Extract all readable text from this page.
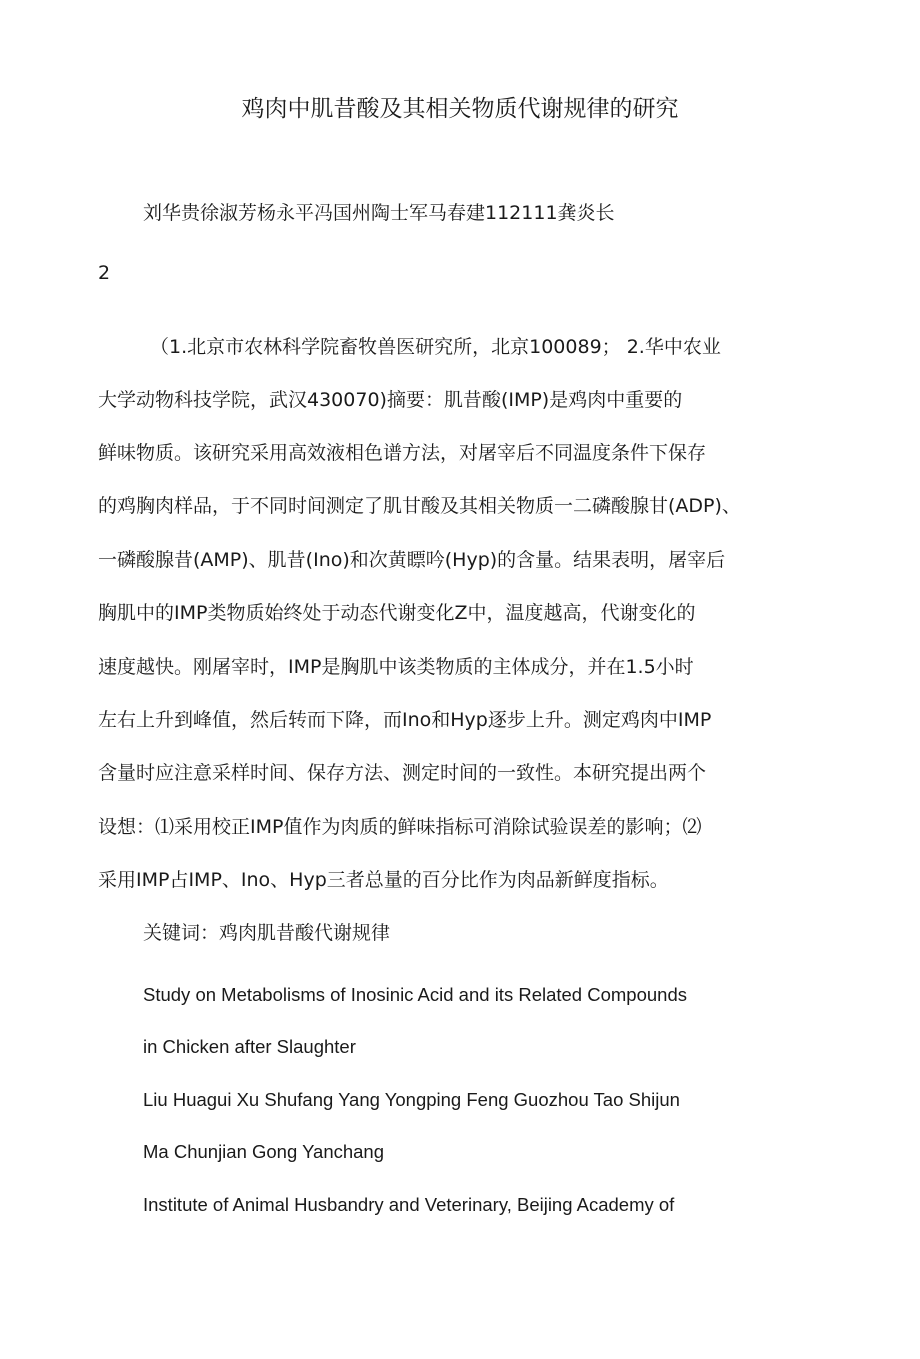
鸡肉中肌昔酸及其相关物质代谢规律的研究

刘华贵徐淑芳杨永平冯国州陶士军马春建112111龚炎长

2

（1.北京市农林科学院畜牧兽医研究所，北京100089； 2.华中农业

大学动物科技学院，武汉430070)摘要：肌昔酸(IMP)是鸡肉中重要的

鲜味物质。该研究采用高效液相色谱方法，对屠宰后不同温度条件下保存

的鸡胸肉样品，于不同时间测定了肌甘酸及其相关物质一二磷酸腺甘(ADP)、

一磷酸腺昔(AMP)、肌昔(Ino)和次黄瞟吟(Hyp)的含量。结果表明，屠宰后

胸肌中的IMP类物质始终处于动态代谢变化Z中，温度越高，代谢变化的

速度越快。刚屠宰时，IMP是胸肌中该类物质的主体成分，并在1.5小时

左右上升到峰值，然后转而下降，而Ino和Hyp逐步上升。测定鸡肉中IMP

含量时应注意采样时间、保存方法、测定时间的一致性。本研究提出两个

设想：⑴采用校正IMP值作为肉质的鲜味指标可消除试验误差的影响；⑵

采用IMP占IMP、Ino、Hyp三者总量的百分比作为肉品新鲜度指标。

关键词：鸡肉肌昔酸代谢规律

Study on Metabolisms of Inosinic Acid and its Related Compounds

in Chicken after Slaughter

Liu Huagui Xu Shufang Yang Yongping Feng Guozhou Tao Shijun

Ma Chunjian Gong Yanchang

Institute of Animal Husbandry and Veterinary, Beijing Academy of
